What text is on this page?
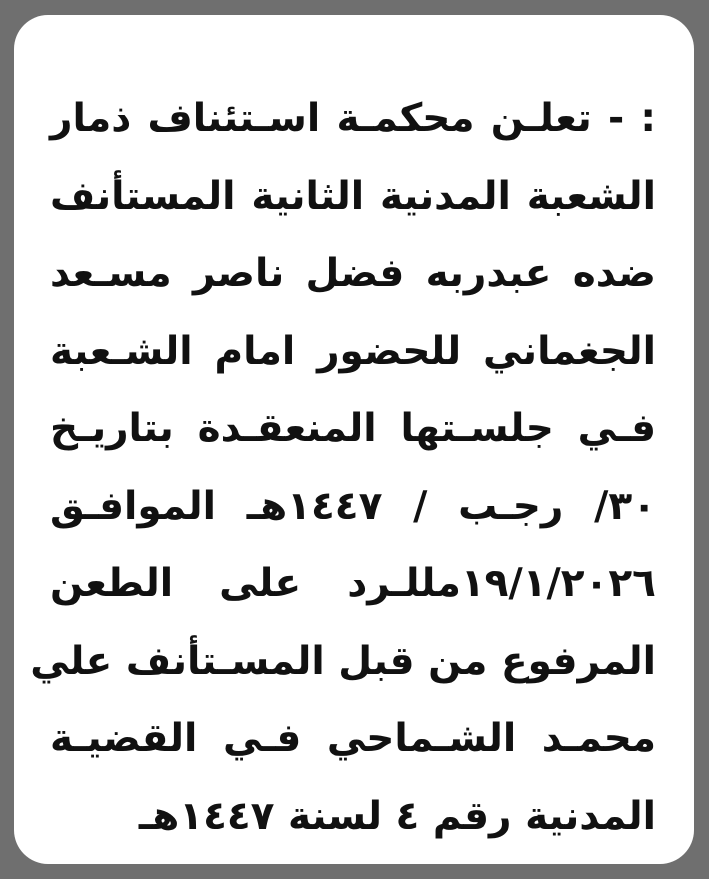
: - تعلـن محكمـة اسـتئناف ذمار
الشعبة المدنية الثانية المستأنف
ضده عبدربه فضل ناصر مسـعد
الجغماني للحضور امام الشـعبة
فـي جلسـتها المنعقـدة بتاريـخ
٣٠/ رجـب / ١٤٤٧هـ الموافـق
١٩/١/٢٠٢٦مللـرد على الطعن
المرفوع من قبل المسـتأنف علي
محمـد الشـماحي فـي القضيـة
المدنية رقم ٤ لسنة ١٤٤٧هـ
